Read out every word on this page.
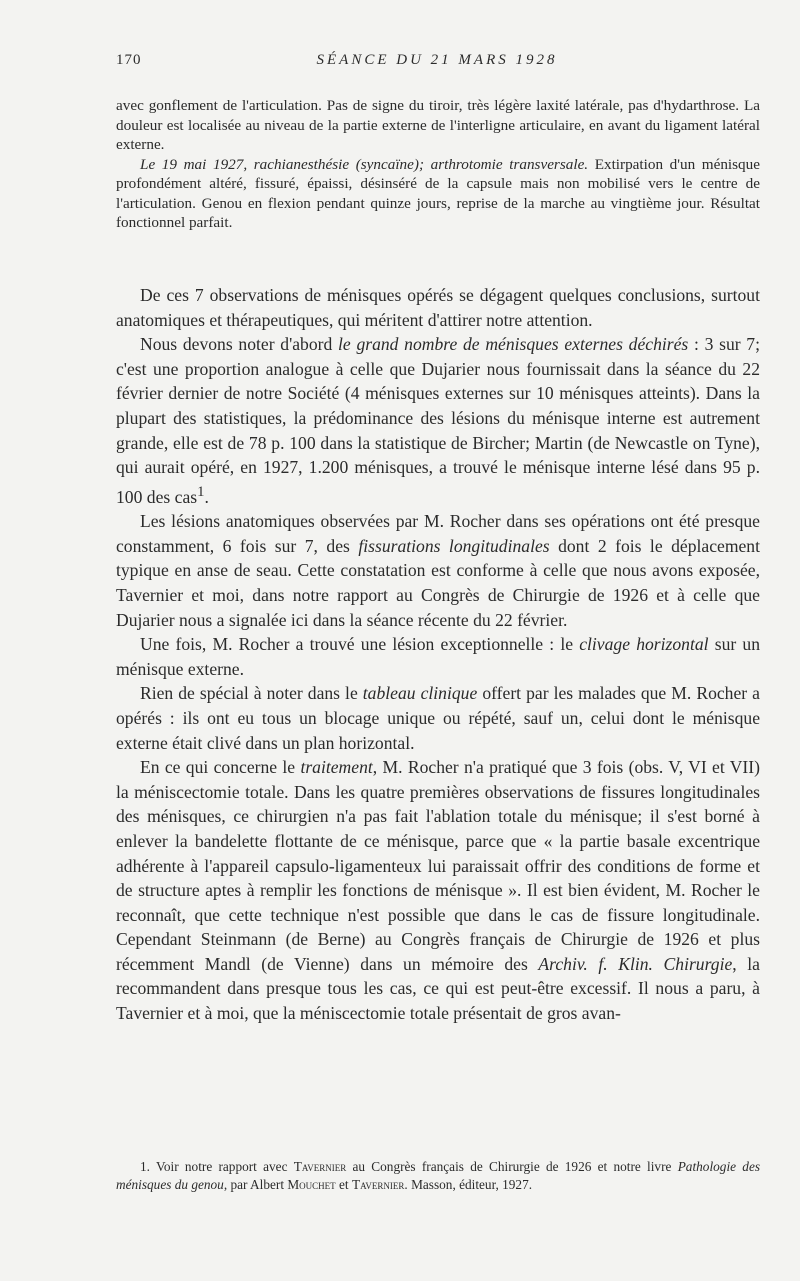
170	SÉANCE DU 21 MARS 1928

avec gonflement de l'articulation. Pas de signe du tiroir, très légère laxité latérale, pas d'hydarthrose. La douleur est localisée au niveau de la partie externe de l'interligne articulaire, en avant du ligament latéral externe.

Le 19 mai 1927, rachianesthésie (syncaïne); arthrotomie transversale. Extirpation d'un ménisque profondément altéré, fissuré, épaissi, désinséré de la capsule mais non mobilisé vers le centre de l'articulation. Genou en flexion pendant quinze jours, reprise de la marche au vingtième jour. Résultat fonctionnel parfait.

De ces 7 observations de ménisques opérés se dégagent quelques conclusions, surtout anatomiques et thérapeutiques, qui méritent d'attirer notre attention.

Nous devons noter d'abord le grand nombre de ménisques externes déchirés : 3 sur 7; c'est une proportion analogue à celle que Dujarier nous fournissait dans la séance du 22 février dernier de notre Société (4 ménisques externes sur 10 ménisques atteints). Dans la plupart des statistiques, la prédominance des lésions du ménisque interne est autrement grande, elle est de 78 p. 100 dans la statistique de Bircher; Martin (de Newcastle on Tyne), qui aurait opéré, en 1927, 1.200 ménisques, a trouvé le ménisque interne lésé dans 95 p. 100 des cas$^1$.

Les lésions anatomiques observées par M. Rocher dans ses opérations ont été presque constamment, 6 fois sur 7, des fissurations longitudinales dont 2 fois le déplacement typique en anse de seau. Cette constatation est conforme à celle que nous avons exposée, Tavernier et moi, dans notre rapport au Congrès de Chirurgie de 1926 et à celle que Dujarier nous a signalée ici dans la séance récente du 22 février.

Une fois, M. Rocher a trouvé une lésion exceptionnelle : le clivage horizontal sur un ménisque externe.

Rien de spécial à noter dans le tableau clinique offert par les malades que M. Rocher a opérés : ils ont eu tous un blocage unique ou répété, sauf un, celui dont le ménisque externe était clivé dans un plan horizontal.

En ce qui concerne le traitement, M. Rocher n'a pratiqué que 3 fois (obs. V, VI et VII) la méniscectomie totale. Dans les quatre premières observations de fissures longitudinales des ménisques, ce chirurgien n'a pas fait l'ablation totale du ménisque; il s'est borné à enlever la bandelette flottante de ce ménisque, parce que « la partie basale excentrique adhérente à l'appareil capsulo-ligamenteux lui paraissait offrir des conditions de forme et de structure aptes à remplir les fonctions de ménisque ». Il est bien évident, M. Rocher le reconnaît, que cette technique n'est possible que dans le cas de fissure longitudinale. Cependant Steinmann (de Berne) au Congrès français de Chirurgie de 1926 et plus récemment Mandl (de Vienne) dans un mémoire des Archiv. f. Klin. Chirurgie, la recommandent dans presque tous les cas, ce qui est peut-être excessif. Il nous a paru, à Tavernier et à moi, que la méniscectomie totale présentait de gros avan-

1. Voir notre rapport avec Tavernier au Congrès français de Chirurgie de 1926 et notre livre Pathologie des ménisques du genou, par Albert Mouchet et Tavernier. Masson, éditeur, 1927.
